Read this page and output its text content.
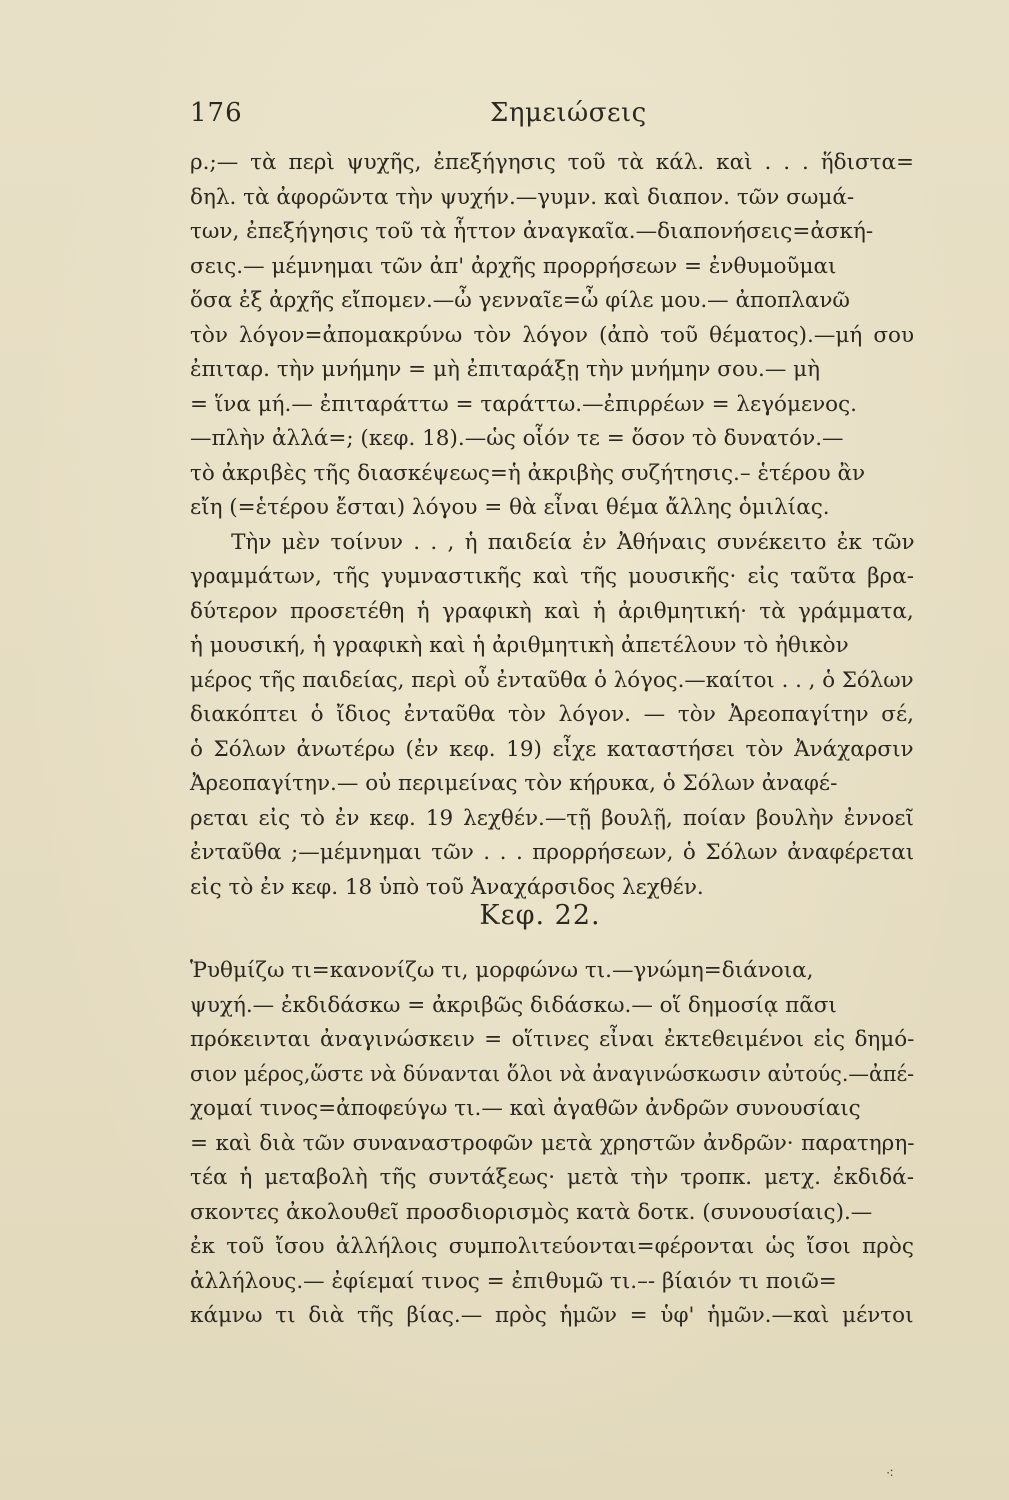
176	Σημειώσεις
ρ.;— τὰ περὶ ψυχῆς, ἐπεξήγησις τοῦ τὰ κάλ. καὶ . . . ἥδιστα=
δηλ. τὰ ἀφορῶντα τὴν ψυχήν.—γυμν. καὶ διαπον. τῶν σωμά-
των, ἐπεξήγησις τοῦ τὰ ἧττον ἀναγκαῖα.—διαπονήσεις=ἀσκή-
σεις.— μέμνημαι τῶν ἀπ' ἀρχῆς προρρήσεων = ἐνθυμοῦμαι
ὅσα ἐξ ἀρχῆς εἴπομεν.—ὦ γενναῖε=ὦ φίλε μου.— ἀποπλανῶ
τὸν λόγον=ἀπομακρύνω τὸν λόγον (ἀπὸ τοῦ θέματος).—μή σου
ἐπιταρ. τὴν μνήμην = μὴ ἐπιταράξῃ τὴν μνήμην σου.— μὴ
= ἵνα μή.— ἐπιταράττω = ταράττω.—ἐπιρρέων = λεγόμενος.
—πλὴν ἀλλά=; (κεφ. 18).—ὡς οἷόν τε = ὅσον τὸ δυνατόν.—
τὸ ἀκριβὲς τῆς διασκέψεως=ἡ ἀκριβὴς συζήτησις.– ἑτέρου ἂν
εἴη (=ἑτέρου ἔσται) λόγου = θὰ εἶναι θέμα ἄλλης ὁμιλίας.
Τὴν μὲν τοίνυν . . , ἡ παιδεία ἐν Ἀθήναις συνέκειτο ἐκ τῶν
γραμμάτων, τῆς γυμναστικῆς καὶ τῆς μουσικῆς· εἰς ταῦτα βρα-
δύτερον προσετέθη ἡ γραφικὴ καὶ ἡ ἀριθμητική· τὰ γράμματα,
ἡ μουσική, ἡ γραφικὴ καὶ ἡ ἀριθμητικὴ ἀπετέλουν τὸ ἠθικὸν
μέρος τῆς παιδείας, περὶ οὗ ἐνταῦθα ὁ λόγος.—καίτοι . . , ὁ Σόλων
διακόπτει ὁ ἴδιος ἐνταῦθα τὸν λόγον. — τὸν Ἀρεοπαγίτην σέ,
ὁ Σόλων ἀνωτέρω (ἐν κεφ. 19) εἶχε καταστήσει τὸν Ἀνάχαρσιν
Ἀρεοπαγίτην.— οὐ περιμείνας τὸν κήρυκα, ὁ Σόλων ἀναφέ-
ρεται εἰς τὸ ἐν κεφ. 19 λεχθέν.—τῇ βουλῇ, ποίαν βουλὴν ἐννοεῖ
ἐνταῦθα ;—μέμνημαι τῶν . . . προρρήσεων, ὁ Σόλων ἀναφέρεται
εἰς τὸ ἐν κεφ. 18 ὑπὸ τοῦ Ἀναχάρσιδος λεχθέν.
Κεφ. 22.
Ῥυθμίζω τι=κανονίζω τι, μορφώνω τι.—γνώμη=διάνοια,
ψυχή.— ἐκδιδάσκω = ἀκριβῶς διδάσκω.— οἵ δημοσίᾳ πᾶσι
πρόκεινται ἀναγινώσκειν = οἵτινες εἶναι ἐκτεθειμένοι εἰς δημό-
σιον μέρος,ὥστε νὰ δύνανται ὅλοι νὰ ἀναγινώσκωσιν αὐτούς.—ἀπέ-
χομαί τινος=ἀποφεύγω τι.— καὶ ἀγαθῶν ἀνδρῶν συνουσίαις
= καὶ διὰ τῶν συναναστροφῶν μετὰ χρηστῶν ἀνδρῶν· παρατηρη-
τέα ἡ μεταβολὴ τῆς συντάξεως· μετὰ τὴν τροπκ. μετχ. ἐκδιδά-
σκοντες ἀκολουθεῖ προσδιορισμὸς κατὰ δοτκ. (συνουσίαις).—
ἐκ τοῦ ἴσου ἀλλήλοις συμπολιτεύονται=φέρονται ὡς ἴσοι πρὸς
ἀλλήλους.— ἐφίεμαί τινος = ἐπιθυμῶ τι.–- βίαιόν τι ποιῶ=
κάμνω τι διὰ τῆς βίας.— πρὸς ἡμῶν = ὑφ' ἡμῶν.—καὶ μέντοι
⁖
